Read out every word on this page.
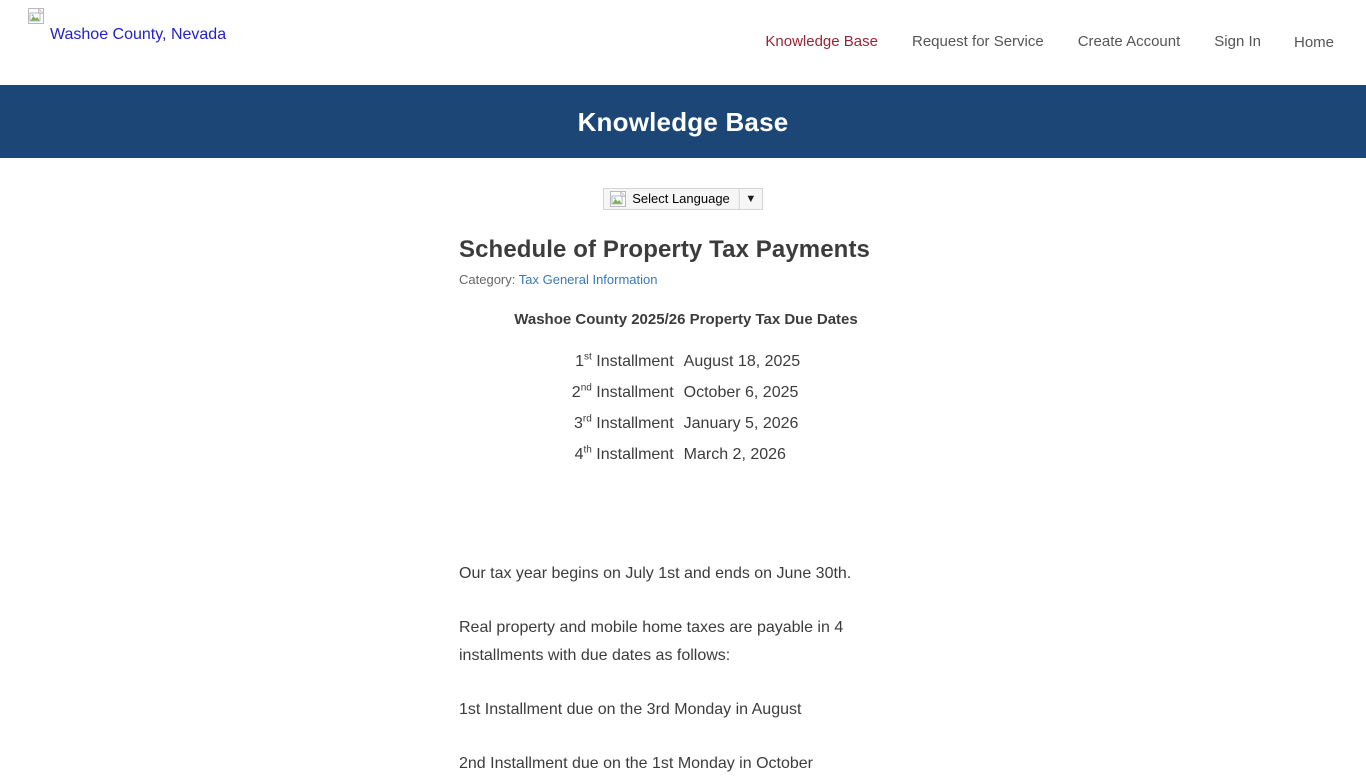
Washoe County, Nevada	Knowledge Base	Request for Service	Create Account	Sign In	Home
Knowledge Base
Select Language	▼
Schedule of Property Tax Payments
Category: Tax General Information
Washoe County 2025/26 Property Tax Due Dates
1st Installment	August 18, 2025
2nd Installment	October 6, 2025
3rd Installment	January 5, 2026
4th Installment	March 2, 2026

Our tax year begins on July 1st and ends on June 30th.

Real property and mobile home taxes are payable in 4 installments with due dates as follows:

1st Installment due on the 3rd Monday in August

2nd Installment due on the 1st Monday in October
